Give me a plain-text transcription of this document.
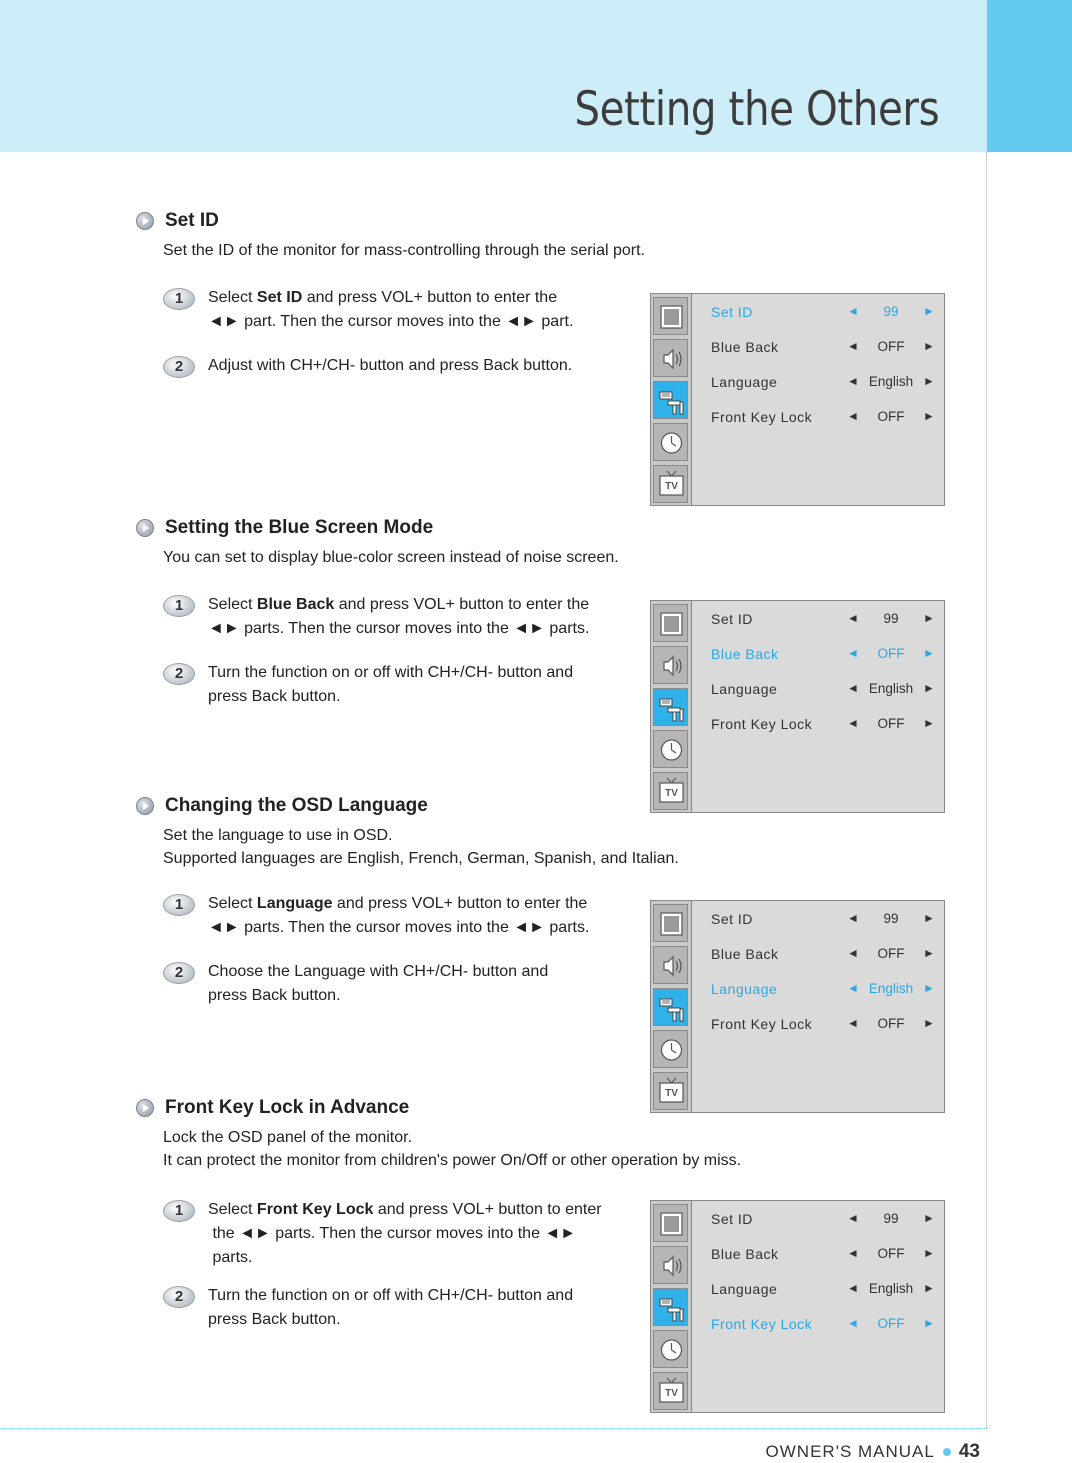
Setting the Others
Set ID
Set the ID of the monitor for mass-controlling through the serial port.
1	Select Set ID and press VOL+ button to enter the
◄► part. Then the cursor moves into the ◄► part.
2	Adjust with CH+/CH- button and press Back button.
TV
Set ID	◄	99	►
Blue Back	◄	OFF	►
Language	◄ English ►
Front Key Lock	◄	OFF	►
Setting the Blue Screen Mode
You can set to display blue-color screen instead of noise screen.
1	Select Blue Back and press VOL+ button to enter the
◄► parts. Then the cursor moves into the ◄► parts.
2	Turn the function on or off with CH+/CH- button and
press Back button.
TV
Set ID	◄	99	►
Blue Back	◄	OFF	►
Language	◄ English ►
Front Key Lock	◄	OFF	►
Changing the OSD Language
Set the language to use in OSD.
Supported languages are English, French, German, Spanish, and Italian.
1	Select Language and press VOL+ button to enter the
◄► parts. Then the cursor moves into the ◄► parts.
2	Choose the Language with CH+/CH- button and
press Back button.
TV
Set ID	◄	99	►
Blue Back	◄	OFF	►
Language	◄ English ►
Front Key Lock	◄	OFF	►
Front Key Lock in Advance
Lock the OSD panel of the monitor.
It can protect the monitor from children's power On/Off or other operation by miss.
1	Select Front Key Lock and press VOL+ button to enter
the ◄► parts. Then the cursor moves into the ◄►
parts.
2	Turn the function on or off with CH+/CH- button and
press Back button.
TV
Set ID	◄	99	►
Blue Back	◄	OFF	►
Language	◄ English ►
Front Key Lock	◄	OFF	►
OWNER'S MANUAL 43
